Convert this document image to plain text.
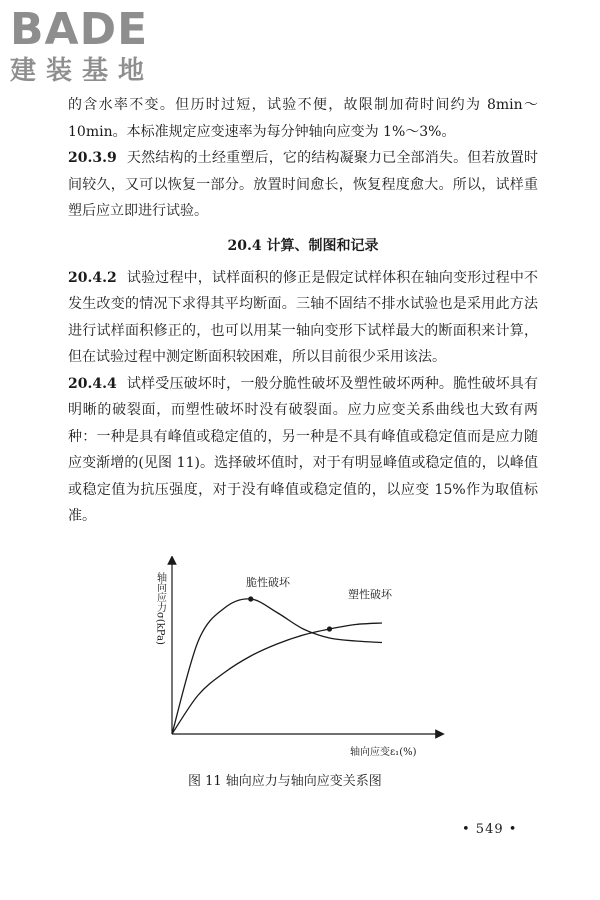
BADE
建装基地

的含水率不变。但历时过短，试验不便，故限制加荷时间约为 8min～10min。本标准规定应变速率为每分钟轴向应变为 1%～3%。

20.3.9 天然结构的土经重塑后，它的结构凝聚力已全部消失。但若放置时间较久，又可以恢复一部分。放置时间愈长，恢复程度愈大。所以，试样重塑后应立即进行试验。

20.4 计算、制图和记录

20.4.2 试验过程中，试样面积的修正是假定试样体积在轴向变形过程中不发生改变的情况下求得其平均断面。三轴不固结不排水试验也是采用此方法进行试样面积修正的，也可以用某一轴向变形下试样最大的断面积来计算，但在试验过程中测定断面积较困难，所以目前很少采用该法。

20.4.4 试样受压破坏时，一般分脆性破坏及塑性破坏两种。脆性破坏具有明晰的破裂面，而塑性破坏时没有破裂面。应力应变关系曲线也大致有两种：一种是具有峰值或稳定值的，另一种是不具有峰值或稳定值而是应力随应变渐增的(见图 11)。选择破坏值时，对于有明显峰值或稳定值的，以峰值或稳定值为抗压强度，对于没有峰值或稳定值的，以应变 15%作为取值标准。

轴向应力σ(kPa)
轴向应变ε₁(%)
脆性破坏
塑性破坏
图 11 轴向应力与轴向应变关系图
• 549 •
